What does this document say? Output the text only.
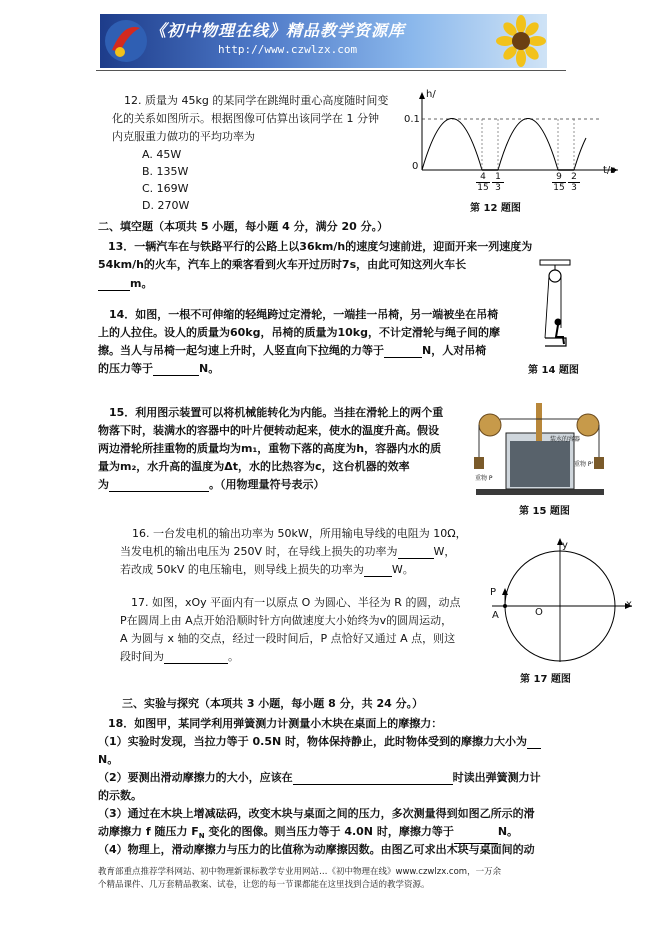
《初中物理在线》精品教学资源库
http://www.czwlzx.com
12. 质量为 45kg 的某同学在跳绳时重心高度随时间变
化的关系如图所示。根据图像可估算出该同学在 1 分钟
内克服重力做功的平均功率为
A. 45W
B. 135W
C. 169W
D. 270W
h/
0.1
0	t/s
4
15
1
3
9
15
2
3
第 12 题图
二、填空题（本项共 5 小题，每小题 4 分，满分 20 分。）
13．一辆汽车在与铁路平行的公路上以36km/h的速度匀速前进，迎面开来一列速度为
54km/h的火车，汽车上的乘客看到火车开过历时7s，由此可知这列火车长
m。
14．如图，一根不可伸缩的轻绳跨过定滑轮，一端挂一吊椅，另一端被坐在吊椅
上的人拉住。设人的质量为60kg，吊椅的质量为10kg，不计定滑轮与绳子间的摩
擦。当人与吊椅一起匀速上升时，人竖直向下拉绳的力等于	N，人对吊椅
的压力等于	N。	第 14 题图
15．利用图示装置可以将机械能转化为内能。当挂在滑轮上的两个重
物落下时，装满水的容器中的叶片便转动起来，使水的温度升高。假设
两边滑轮所挂重物的质量均为m₁，重物下落的高度为h，容器内水的质
量为m₂，水升高的温度为Δt，水的比热容为c，这台机器的效率
为	。（用物理量符号表示）	重物 P
重物 P'
装水的容器
第 15 题图
16. 一台发电机的输出功率为 50kW，所用输电导线的电阻为 10Ω，
当发电机的输出电压为 250V 时，在导线上损失的功率为	W，
若改成 50kV 的电压输电，则导线上损失的功率为	W。
17. 如图，xOy 平面内有一以原点 O 为圆心、半径为 R 的圆，动点
P在圆周上由 A点开始沿顺时针方向做速度大小始终为v的圆周运动，
A 为圆与 x 轴的交点，经过一段时间后，P 点恰好又通过 A 点，则这
段时间为	。
y
x
P
A	O
第 17 题图
三、实验与探究（本项共 3 小题，每小题 8 分，共 24 分。）
18．如图甲，某同学利用弹簧测力计测量小木块在桌面上的摩擦力：
（1）实验时发现，当拉力等于 0.5N 时，物体保持静止，此时物体受到的摩擦力大小为
N。
（2）要测出滑动摩擦力的大小，应该在	时读出弹簧测力计
的示数。
（3）通过在木块上增减砝码，改变木块与桌面之间的压力，多次测量得到如图乙所示的滑
动摩擦力 f 随压力 $F_N$ 变化的图像。则当压力等于 4.0N 时，摩擦力等于	N。
（4）物理上，滑动摩擦力与压力的比值称为动摩擦因数。由图乙可求出木块与桌面间的动
教育部重点推荐学科网站、初中物理新课标教学专业用网站…《初中物理在线》www.czwlzx.com，一万余
个精品课件、几万套精品教案、试卷，让您的每一节课都能在这里找到合适的教学资源。
